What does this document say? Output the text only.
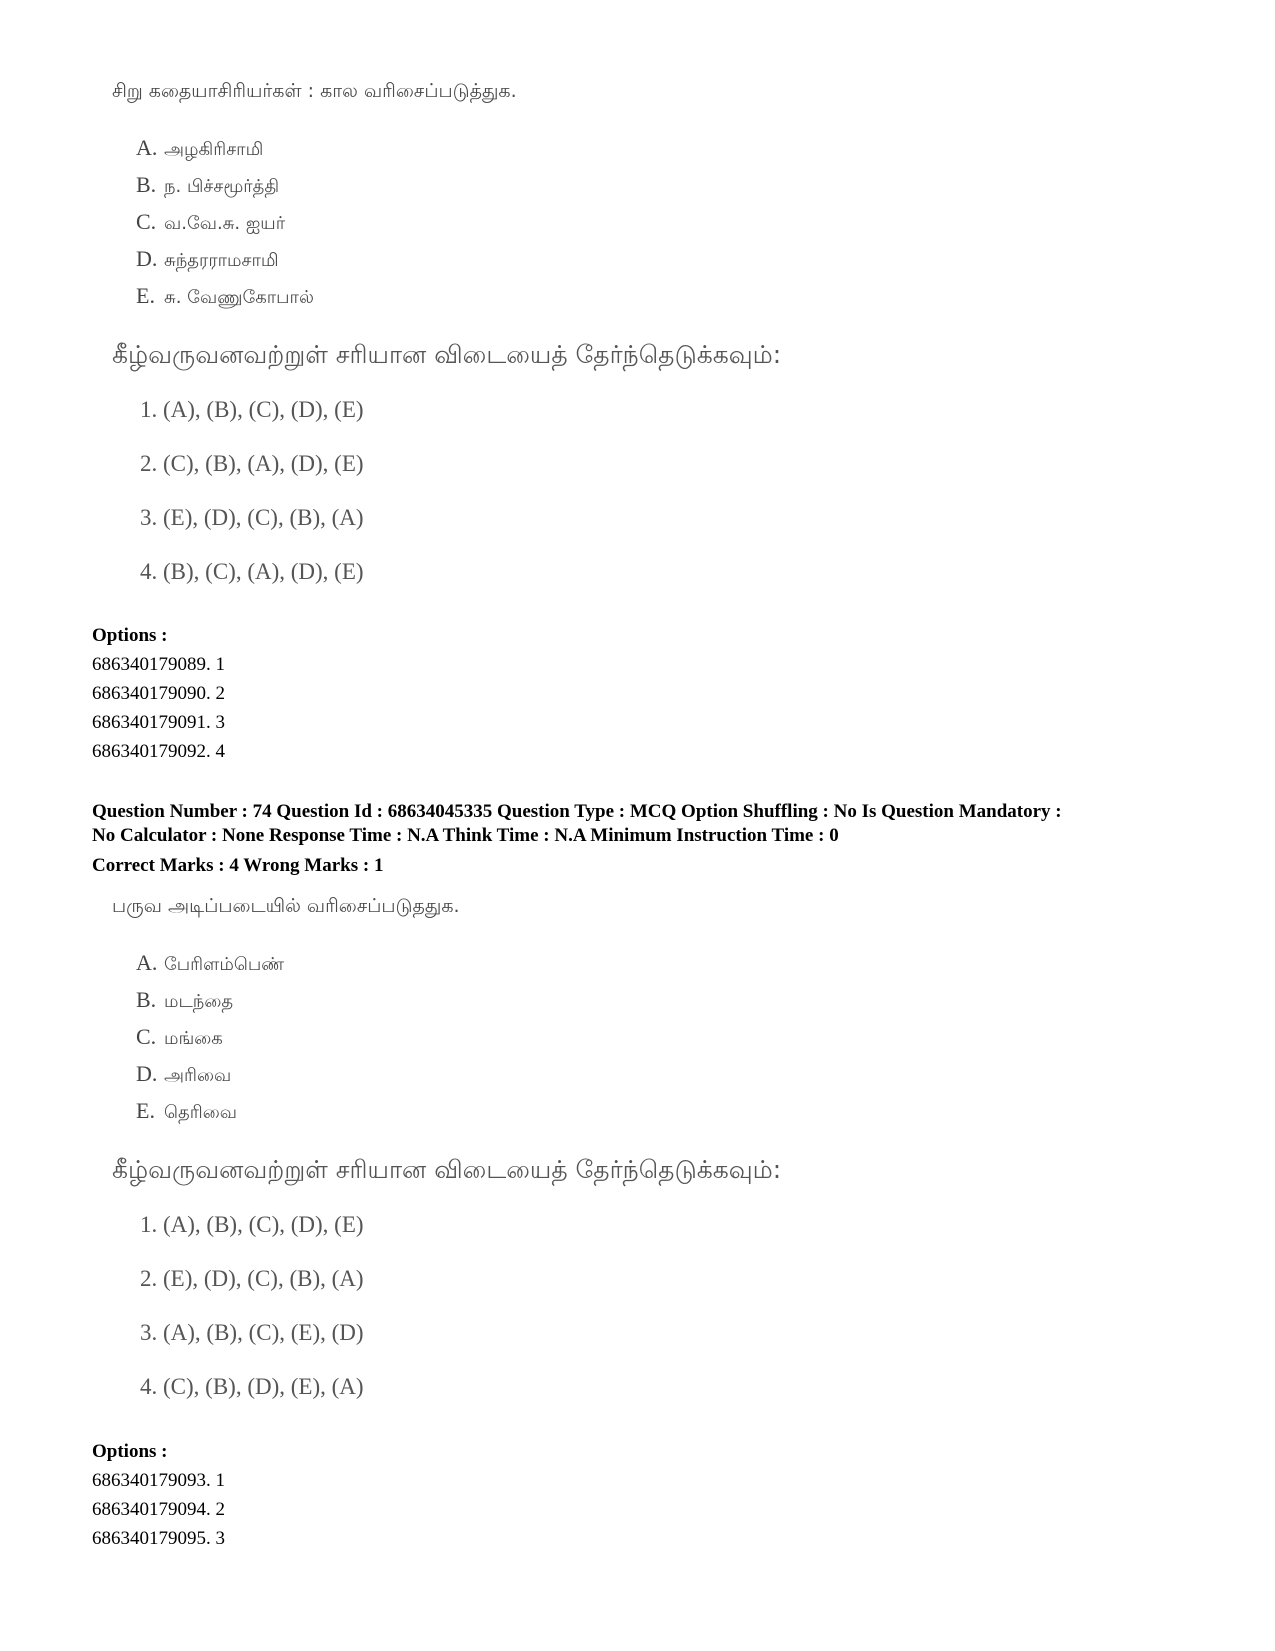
சிறு கதையாசிரியர்கள் : கால வரிசைப்படுத்துக.

A. அழகிரிசாமி
B. ந. பிச்சமூர்த்தி
C. வ.வே.சு. ஐயர்
D. சுந்தரராமசாமி
E. சு. வேணுகோபால்

கீழ்வருவனவற்றுள் சரியான விடையைத் தேர்ந்தெடுக்கவும்:

1. (A), (B), (C), (D), (E)
2. (C), (B), (A), (D), (E)
3. (E), (D), (C), (B), (A)
4. (B), (C), (A), (D), (E)
Options :
686340179089. 1
686340179090. 2
686340179091. 3
686340179092. 4
Question Number : 74 Question Id : 68634045335 Question Type : MCQ Option Shuffling : No Is Question Mandatory :
No Calculator : None Response Time : N.A Think Time : N.A Minimum Instruction Time : 0
Correct Marks : 4 Wrong Marks : 1

பருவ அடிப்படையில் வரிசைப்படுததுக.

A. பேரிளம்பெண்
B. மடந்தை
C. மங்கை
D. அரிவை
E. தெரிவை

கீழ்வருவனவற்றுள் சரியான விடையைத் தேர்ந்தெடுக்கவும்:

1. (A), (B), (C), (D), (E)
2. (E), (D), (C), (B), (A)
3. (A), (B), (C), (E), (D)
4. (C), (B), (D), (E), (A)
Options :
686340179093. 1
686340179094. 2
686340179095. 3
